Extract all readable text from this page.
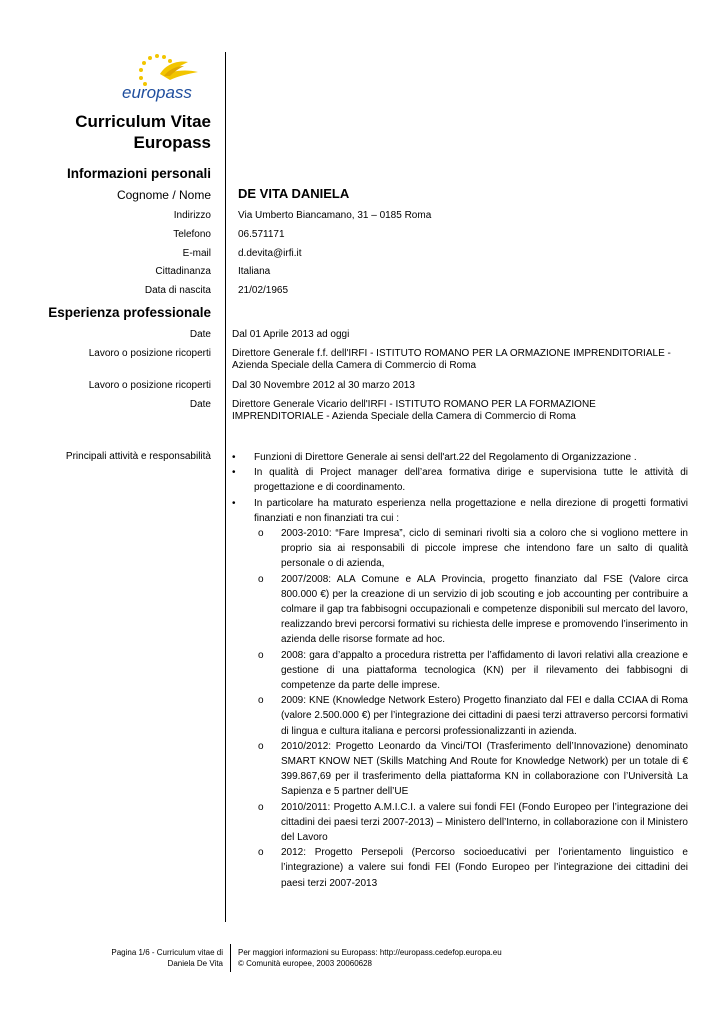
europass
Curriculum Vitae
Europass
Informazioni personali
Cognome / Nome DE VITA DANIELA
Indirizzo	Via Umberto Biancamano, 31 – 0185 Roma
Telefono	06.571171
E-mail	d.devita@irfi.it
Cittadinanza	Italiana
Data di nascita	21/02/1965
Esperienza professionale
Date Dal 01 Aprile 2013 ad oggi
Lavoro o posizione ricoperti Direttore Generale f.f. dell'IRFI - ISTITUTO ROMANO PER LA ORMAZIONE IMPRENDITORIALE -
Azienda Speciale della Camera di Commercio di Roma
Lavoro o posizione ricoperti Dal 30 Novembre 2012 al 30 marzo 2013
Date Direttore Generale Vicario dell'IRFI - ISTITUTO ROMANO PER LA FORMAZIONE
IMPRENDITORIALE - Azienda Speciale della Camera di Commercio di Roma
Principali attività e responsabilità • Funzioni di Direttore Generale ai sensi dell'art.22 del Regolamento di Organizzazione .
• In qualità di Project manager dell’area formativa dirige e supervisiona tutte le attività di progettazione e di coordinamento.
• In particolare ha maturato esperienza nella progettazione e nella direzione di progetti formativi finanziati e non finanziati tra cui :
o 2003-2010: “Fare Impresa”, ciclo di seminari rivolti sia a coloro che si vogliono mettere in proprio sia ai responsabili di piccole imprese che intendono fare un salto di qualità personale o di azienda,
o 2007/2008: ALA Comune e ALA Provincia, progetto finanziato dal FSE (Valore circa 800.000 €) per la creazione di un servizio di job scouting e job accounting per contribuire a colmare il gap tra fabbisogni occupazionali e competenze disponibili sul mercato del lavoro, realizzando brevi percorsi formativi su richiesta delle imprese e promovendo l’inserimento in azienda delle risorse formate ad hoc.
o 2008: gara d’appalto a procedura ristretta per l’affidamento di lavori relativi alla creazione e gestione di una piattaforma tecnologica (KN) per il rilevamento dei fabbisogni di competenze da parte delle imprese.
o 2009: KNE (Knowledge Network Estero) Progetto finanziato dal FEI e dalla CCIAA di Roma (valore 2.500.000 €) per l’integrazione dei cittadini di paesi terzi attraverso percorsi formativi di lingua e cultura italiana e percorsi professionalizzanti in azienda.
o 2010/2012: Progetto Leonardo da Vinci/TOI (Trasferimento dell’Innovazione) denominato SMART KNOW NET (Skills Matching And Route for Knowledge Network) per un totale di € 399.867,69 per il trasferimento della piattaforma KN in collaborazione con l’Università La Sapienza e 5 partner dell’UE
o 2010/2011: Progetto A.M.I.C.I. a valere sui fondi FEI (Fondo Europeo per l’integrazione dei cittadini dei paesi terzi 2007-2013) – Ministero dell’Interno, in collaborazione con il Ministero del Lavoro
o 2012: Progetto Persepoli (Percorso socioeducativi per l’orientamento linguistico e l’integrazione) a valere sui fondi FEI (Fondo Europeo per l’integrazione dei cittadini dei paesi terzi 2007-2013
Pagina 1/6 - Curriculum vitae di
Daniela De Vita
Per maggiori informazioni su Europass: http://europass.cedefop.europa.eu
© Comunità europee, 2003 20060628
